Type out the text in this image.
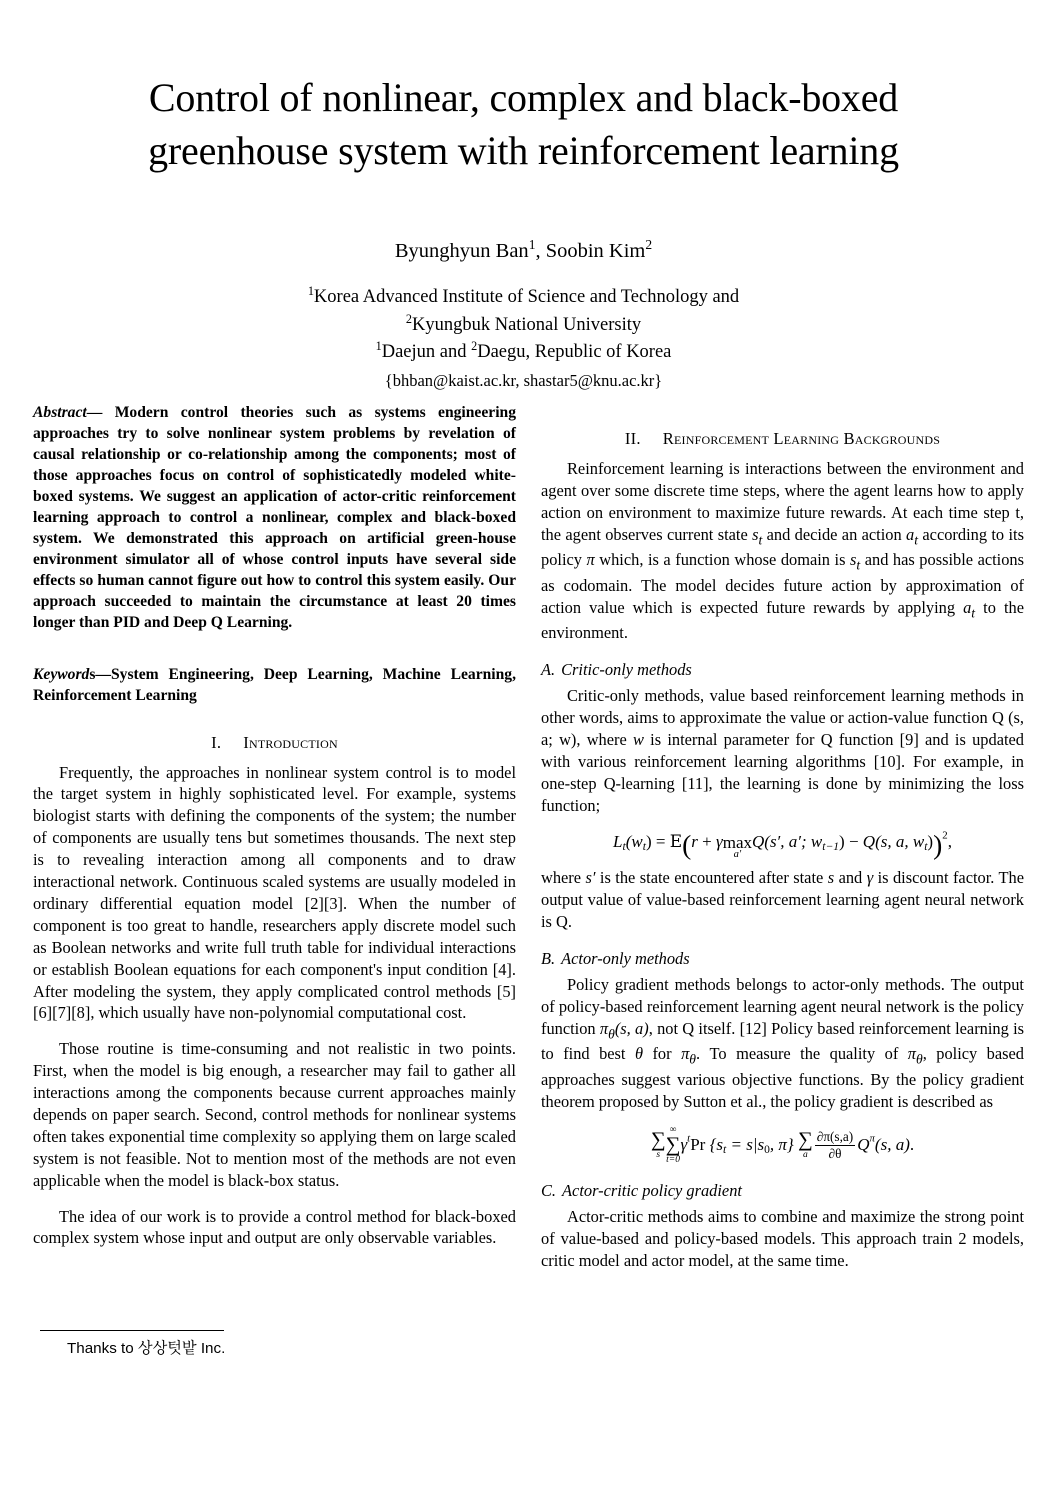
Control of nonlinear, complex and black-boxed greenhouse system with reinforcement learning
Byunghyun Ban$^1$, Soobin Kim$^2$
$^1$Korea Advanced Institute of Science and Technology and
$^2$Kyungbuk National University
$^1$Daejun and $^2$Daegu, Republic of Korea
{bhban@kaist.ac.kr, shastar5@knu.ac.kr}

Abstract— Modern control theories such as systems engineering approaches try to solve nonlinear system problems by revelation of causal relationship or co-relationship among the components; most of those approaches focus on control of sophisticatedly modeled white-boxed systems. We suggest an application of actor-critic reinforcement learning approach to control a nonlinear, complex and black-boxed system. We demonstrated this approach on artificial green-house environment simulator all of whose control inputs have several side effects so human cannot figure out how to control this system easily. Our approach succeeded to maintain the circumstance at least 20 times longer than PID and Deep Q Learning.

Keywords—System Engineering, Deep Learning, Machine Learning, Reinforcement Learning

I. Introduction

Frequently, the approaches in nonlinear system control is to model the target system in highly sophisticated level. For example, systems biologist starts with defining the components of the system; the number of components are usually tens but sometimes thousands. The next step is to revealing interaction among all components and to draw interactional network. Continuous scaled systems are usually modeled in ordinary differential equation model [2][3]. When the number of component is too great to handle, researchers apply discrete model such as Boolean networks and write full truth table for individual interactions or establish Boolean equations for each component's input condition [4]. After modeling the system, they apply complicated control methods [5][6][7][8], which usually have non-polynomial computational cost.

Those routine is time-consuming and not realistic in two points. First, when the model is big enough, a researcher may fail to gather all interactions among the components because current approaches mainly depends on paper search. Second, control methods for nonlinear systems often takes exponential time complexity so applying them on large scaled system is not feasible. Not to mention most of the methods are not even applicable when the model is black-box status.

The idea of our work is to provide a control method for black-boxed complex system whose input and output are only observable variables.

II. Reinforcement Learning Backgrounds

Reinforcement learning is interactions between the environment and agent over some discrete time steps, where the agent learns how to apply action on environment to maximize future rewards. At each time step t, the agent observes current state $s_t$ and decide an action $a_t$ according to its policy π which, is a function whose domain is $s_t$ and has possible actions as codomain. The model decides future action by approximation of action value which is expected future rewards by applying $a_t$ to the environment.

A. Critic-only methods

Critic-only methods, value based reinforcement learning methods in other words, aims to approximate the value or action-value function Q (s, a; w), where w is internal parameter for Q function [9] and is updated with various reinforcement learning algorithms [10]. For example, in one-step Q-learning [11], the learning is done by minimizing the loss function;

$L_t(w_t) = E(r + \gamma$ max
a′
Q(s′, a′; $w_{t-1}) - Q(s$, a, $w_t))^2$,

where s′ is the state encountered after state s and γ is discount factor. The output value of value-based reinforcement learning agent neural network is Q.

B. Actor-only methods

Policy gradient methods belongs to actor-only methods. The output of policy-based reinforcement learning agent neural network is the policy function $\pi_\theta(s$, a), not Q itself. [12] Policy based reinforcement learning is to find best θ for $\pi_\theta$. To measure the quality of $\pi_\theta$, policy based approaches suggest various objective functions. By the policy gradient theorem proposed by Sutton et al., the policy gradient is described as

∑
s
∞
∑
t=0
$\gamma^tPr$ {$s_t = s|s_0$, π} ∑
a $\frac{\partial\pi(s,a)}{\partial\theta} Q^\pi(s$, a).
C. Actor-critic policy gradient

Actor-critic methods aims to combine and maximize the strong point of value-based and policy-based models. This approach train 2 models, critic model and actor model, at the same time.

Thanks to 상상텃밭 Inc.
